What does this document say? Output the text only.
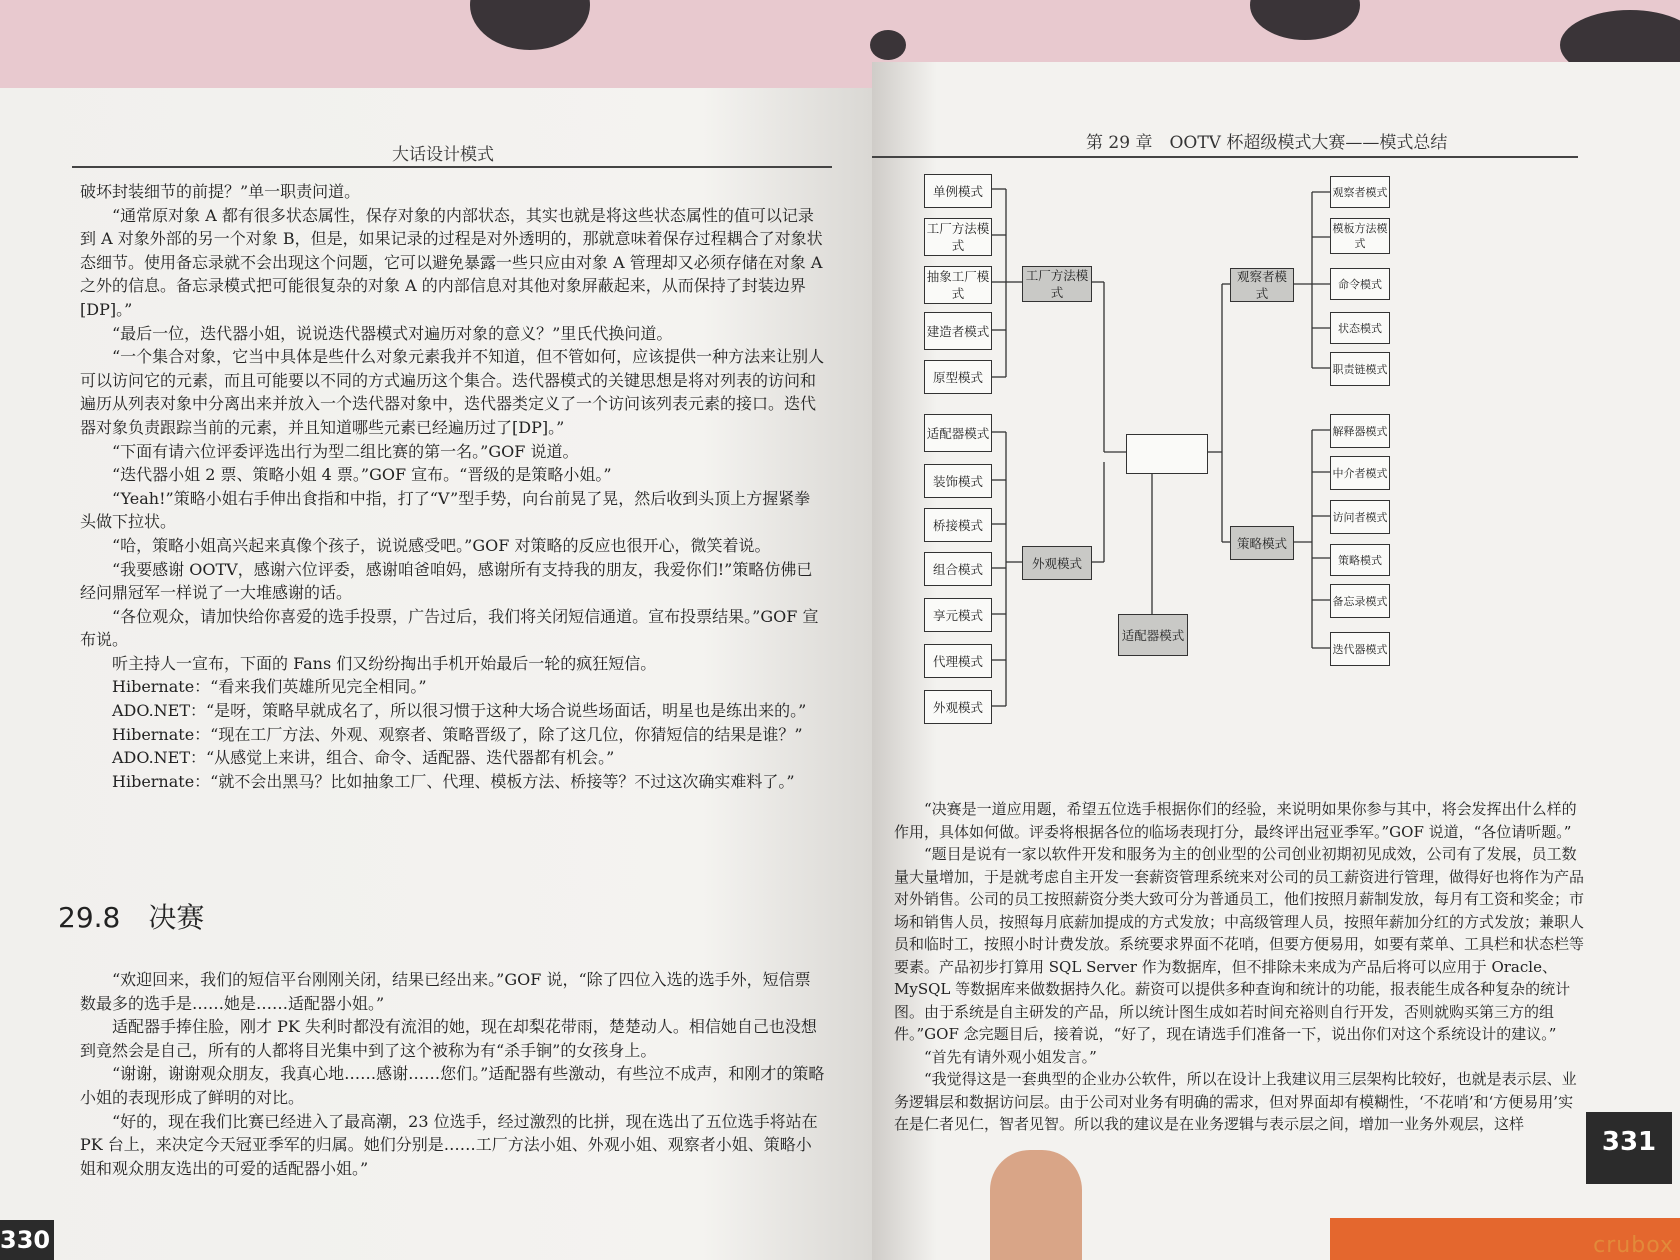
大话设计模式

破坏封装细节的前提？”单一职责问道。

“通常原对象 A 都有很多状态属性，保存对象的内部状态，其实也就是将这些状态属性的值可以记录到 A 对象外部的另一个对象 B，但是，如果记录的过程是对外透明的，那就意味着保存过程耦合了对象状态细节。使用备忘录就不会出现这个问题，它可以避免暴露一些只应由对象 A 管理却又必须存储在对象 A 之外的信息。备忘录模式把可能很复杂的对象 A 的内部信息对其他对象屏蔽起来，从而保持了封装边界[DP]。”

“最后一位，迭代器小姐，说说迭代器模式对遍历对象的意义？”里氏代换问道。

“一个集合对象，它当中具体是些什么对象元素我并不知道，但不管如何，应该提供一种方法来让别人可以访问它的元素，而且可能要以不同的方式遍历这个集合。迭代器模式的关键思想是将对列表的访问和遍历从列表对象中分离出来并放入一个迭代器对象中，迭代器类定义了一个访问该列表元素的接口。迭代器对象负责跟踪当前的元素，并且知道哪些元素已经遍历过了[DP]。”

“下面有请六位评委评选出行为型二组比赛的第一名。”GOF 说道。

“迭代器小姐 2 票、策略小姐 4 票。”GOF 宣布。“晋级的是策略小姐。”

“Yeah!”策略小姐右手伸出食指和中指，打了“V”型手势，向台前晃了晃，然后收到头顶上方握紧拳头做下拉状。

“哈，策略小姐高兴起来真像个孩子，说说感受吧。”GOF 对策略的反应也很开心，微笑着说。

“我要感谢 OOTV，感谢六位评委，感谢咱爸咱妈，感谢所有支持我的朋友，我爱你们!”策略仿佛已经问鼎冠军一样说了一大堆感谢的话。

“各位观众，请加快给你喜爱的选手投票，广告过后，我们将关闭短信通道。宣布投票结果。”GOF 宣布说。

听主持人一宣布，下面的 Fans 们又纷纷掏出手机开始最后一轮的疯狂短信。

Hibernate：“看来我们英雄所见完全相同。”

ADO.NET：“是呀，策略早就成名了，所以很习惯于这种大场合说些场面话，明星也是练出来的。”

Hibernate：“现在工厂方法、外观、观察者、策略晋级了，除了这几位，你猜短信的结果是谁？”

ADO.NET：“从感觉上来讲，组合、命令、适配器、迭代器都有机会。”

Hibernate：“就不会出黑马？比如抽象工厂、代理、模板方法、桥接等？不过这次确实难料了。”

29.8　决赛

“欢迎回来，我们的短信平台刚刚关闭，结果已经出来。”GOF 说，“除了四位入选的选手外，短信票数最多的选手是……她是……适配器小姐。”

适配器手捧住脸，刚才 PK 失利时都没有流泪的她，现在却梨花带雨，楚楚动人。相信她自己也没想到竟然会是自己，所有的人都将目光集中到了这个被称为有“杀手锏”的女孩身上。

“谢谢，谢谢观众朋友，我真心地……感谢……您们。”适配器有些激动，有些泣不成声，和刚才的策略小姐的表现形成了鲜明的对比。

“好的，现在我们比赛已经进入了最高潮，23 位选手，经过激烈的比拼，现在选出了五位选手将站在 PK 台上，来决定今天冠亚季军的归属。她们分别是……工厂方法小姐、外观小姐、观察者小姐、策略小姐和观众朋友选出的可爱的适配器小姐。”

330
第 29 章　OOTV 杯超级模式大赛——模式总结
单例模式
工厂方法模式
抽象工厂模式
建造者模式
原型模式
适配器模式
装饰模式
桥接模式
组合模式
享元模式
代理模式
外观模式
工厂方法模式
外观模式
适配器模式
观察者模式
策略模式
观察者模式
模板方法模式
命令模式
状态模式
职责链模式
解释器模式
中介者模式
访问者模式
策略模式
备忘录模式
迭代器模式

“决赛是一道应用题，希望五位选手根据你们的经验，来说明如果你参与其中，将会发挥出什么样的作用，具体如何做。评委将根据各位的临场表现打分，最终评出冠亚季军。”GOF 说道，“各位请听题。”

“题目是说有一家以软件开发和服务为主的创业型的公司创业初期初见成效，公司有了发展，员工数量大量增加，于是就考虑自主开发一套薪资管理系统来对公司的员工薪资进行管理，做得好也将作为产品对外销售。公司的员工按照薪资分类大致可分为普通员工，他们按照月薪制发放，每月有工资和奖金；市场和销售人员，按照每月底薪加提成的方式发放；中高级管理人员，按照年薪加分红的方式发放；兼职人员和临时工，按照小时计费发放。系统要求界面不花哨，但要方便易用，如要有菜单、工具栏和状态栏等要素。产品初步打算用 SQL Server 作为数据库，但不排除未来成为产品后将可以应用于 Oracle、MySQL 等数据库来做数据持久化。薪资可以提供多种查询和统计的功能，报表能生成各种复杂的统计图。由于系统是自主研发的产品，所以统计图生成如若时间充裕则自行开发，否则就购买第三方的组件。”GOF 念完题目后，接着说，“好了，现在请选手们准备一下，说出你们对这个系统设计的建议。”

“首先有请外观小姐发言。”

“我觉得这是一套典型的企业办公软件，所以在设计上我建议用三层架构比较好，也就是表示层、业务逻辑层和数据访问层。由于公司对业务有明确的需求，但对界面却有模糊性，‘不花哨’和‘方便易用’实在是仁者见仁，智者见智。所以我的建议是在业务逻辑与表示层之间，增加一业务外观层，这样

331
crubox
